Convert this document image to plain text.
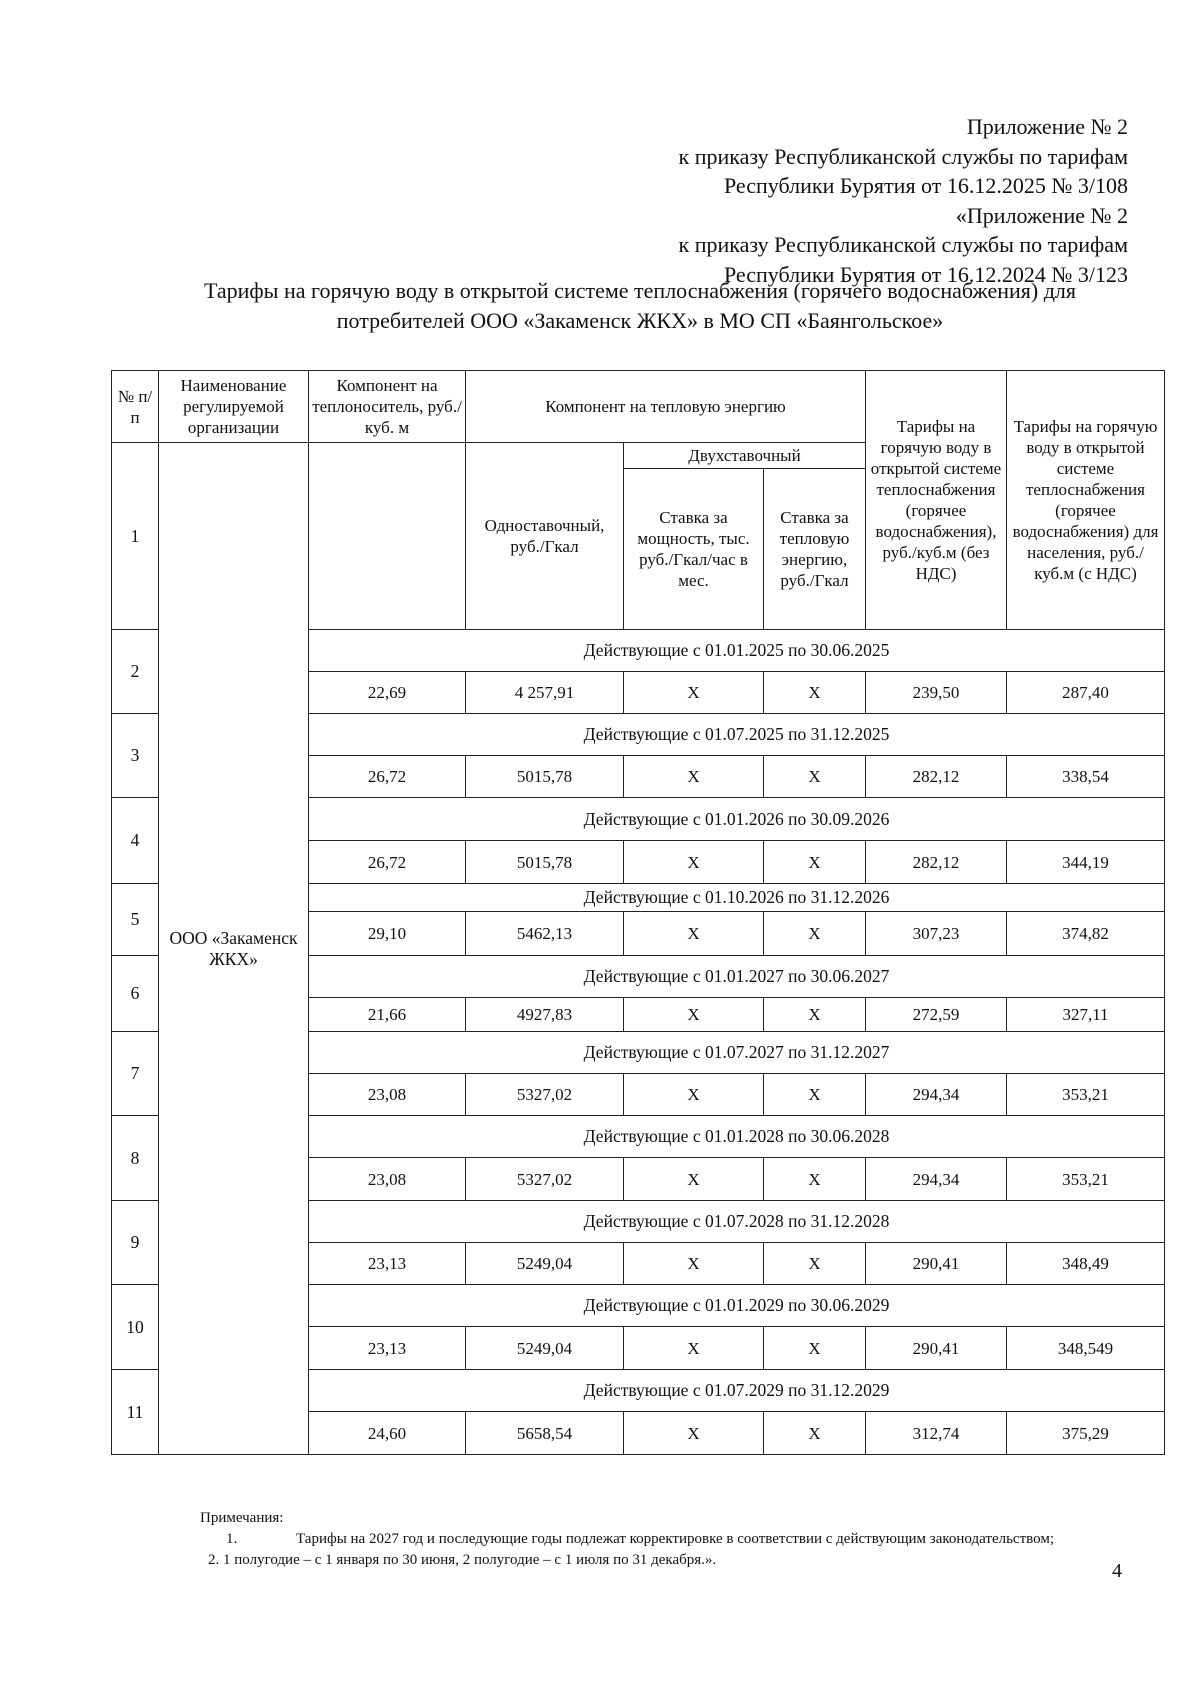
Приложение № 2
к приказу Республиканской службы по тарифам
Республики Бурятия от 16.12.2025 № 3/108
«Приложение № 2
к приказу Республиканской службы по тарифам
Республики Бурятия от 16.12.2024 № 3/123
Тарифы на горячую воду в открытой системе теплоснабжения (горячего водоснабжения) для
потребителей ООО «Закаменск ЖКХ» в МО СП «Баянгольское»
№ п/п	Наименование регулируемой организации	Компонент на теплоноситель, руб./куб. м	Компонент на тепловую энергию			Тарифы на горячую воду в открытой системе теплоснабжения (горячее водоснабжения), руб./куб.м (без НДС)	Тарифы на горячую воду в открытой системе теплоснабжения (горячее водоснабжения) для населения, руб./куб.м (с НДС)
1	ООО «Закаменск ЖКХ»		Одноставочный, руб./Гкал	Двухставочный			
				Ставка за мощность, тыс. руб./Гкал/час в мес.	Ставка за тепловую энергию, руб./Гкал		
2		Действующие с 01.01.2025 по 30.06.2025					
		22,69	4 257,91	X	X	239,50	287,40
3		Действующие с 01.07.2025 по 31.12.2025					
		26,72	5015,78	X	X	282,12	338,54
4		Действующие с 01.01.2026 по 30.09.2026					
		26,72	5015,78	X	X	282,12	344,19
5		Действующие с 01.10.2026 по 31.12.2026					
		29,10	5462,13	X	X	307,23	374,82
6		Действующие с 01.01.2027 по 30.06.2027					
		21,66	4927,83	X	X	272,59	327,11
7		Действующие с 01.07.2027 по 31.12.2027					
		23,08	5327,02	X	X	294,34	353,21
8		Действующие с 01.01.2028 по 30.06.2028					
		23,08	5327,02	X	X	294,34	353,21
9		Действующие с 01.07.2028 по 31.12.2028					
		23,13	5249,04	X	X	290,41	348,49
10		Действующие с 01.01.2029 по 30.06.2029					
		23,13	5249,04	X	X	290,41	348,549
11		Действующие с 01.07.2029 по 31.12.2029					
		24,60	5658,54	X	X	312,74	375,29
Примечания:
1.	Тарифы на 2027 год и последующие годы подлежат корректировке в соответствии с действующим законодательством;
2. 1 полугодие – с 1 января по 30 июня, 2 полугодие – с 1 июля по 31 декабря.».	4
